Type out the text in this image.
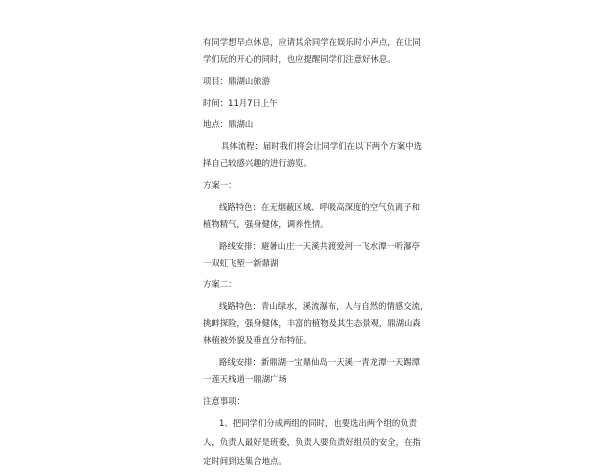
有同学想早点休息，应请其余同学在娱乐时小声点，在让同
学们玩的开心的同时，也应提醒同学们注意好休息。
项目：鼎湖山旅游
时间：11月7日上午
地点：鼎湖山
具体流程：届时我们将会让同学们在以下两个方案中选
择自己较感兴趣的进行游览。
方案一：
线路特色：在无烟蔽区域、呼吸高深度的空气负离子和
植物精气，强身健体，调养性情。
路线安排：避暑山庄一天溪共渡爱河一飞水潭一听瀑亭
一双虹飞堑一新鼎湖
方案二：
线路特色：青山绿水，溪流瀑布，人与自然的情感交流，
挑衅探险，强身健体，丰富的植物及其生态景观，鼎湖山森
林植被外貌及垂直分布特征。
路线安排：新鼎湖一宝鼎仙岛一天溪一青龙潭一天踢潭
一莲天栈道一鼎湖广场
注意事项：
1、把同学们分成两组的同时，也要选出两个组的负责
人，负责人最好是班委，负责人要负责好组员的安全，在指
定时间到达集合地点。
